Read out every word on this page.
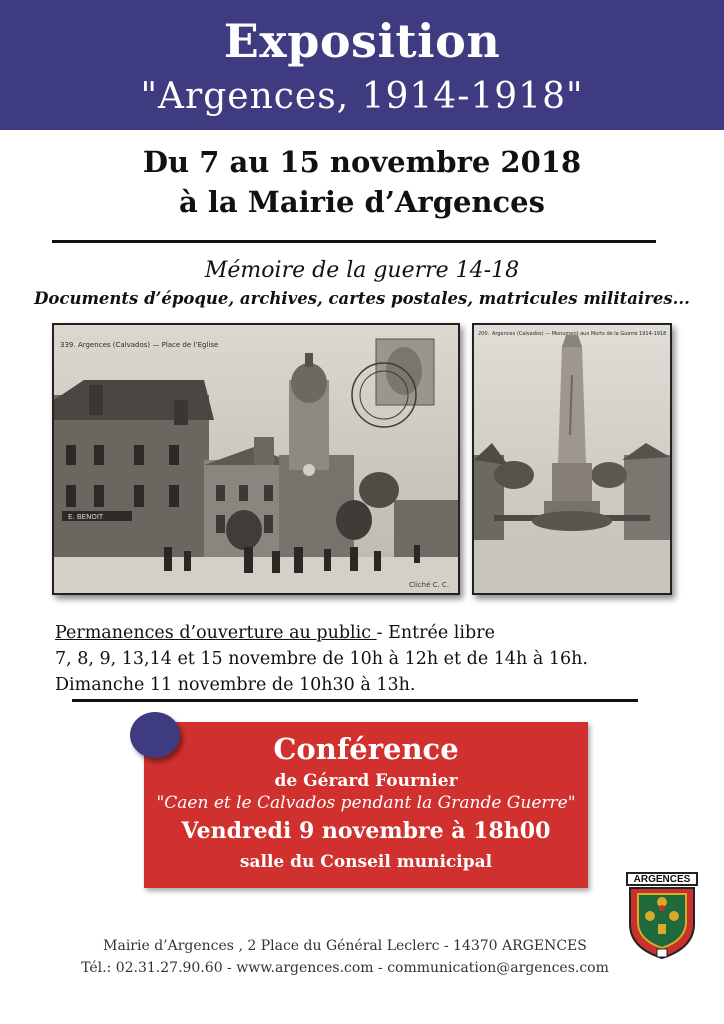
Exposition
"Argences, 1914-1918"
Du 7 au 15 novembre 2018
à la Mairie d’Argences
Mémoire de la guerre 14-18
Documents d’époque, archives, cartes postales, matricules militaires...
E. BENOIT
339. Argences (Calvados) — Place de l’Eglise
Cliché C. C.
200. Argences (Calvados) — Monument aux Morts de la Guerre 1914-1918
Permanences d’ouverture au public - Entrée libre
7, 8, 9, 13,14 et 15 novembre de 10h à 12h et de 14h à 16h.
Dimanche 11 novembre de 10h30 à 13h.
Conférence
de Gérard Fournier
"Caen et le Calvados pendant la Grande Guerre"
Vendredi 9 novembre à 18h00
salle du Conseil municipal
Mairie d’Argences , 2 Place du Général Leclerc - 14370 ARGENCES
Tél.: 02.31.27.90.60 - www.argences.com - communication@argences.com
ARGENCES
